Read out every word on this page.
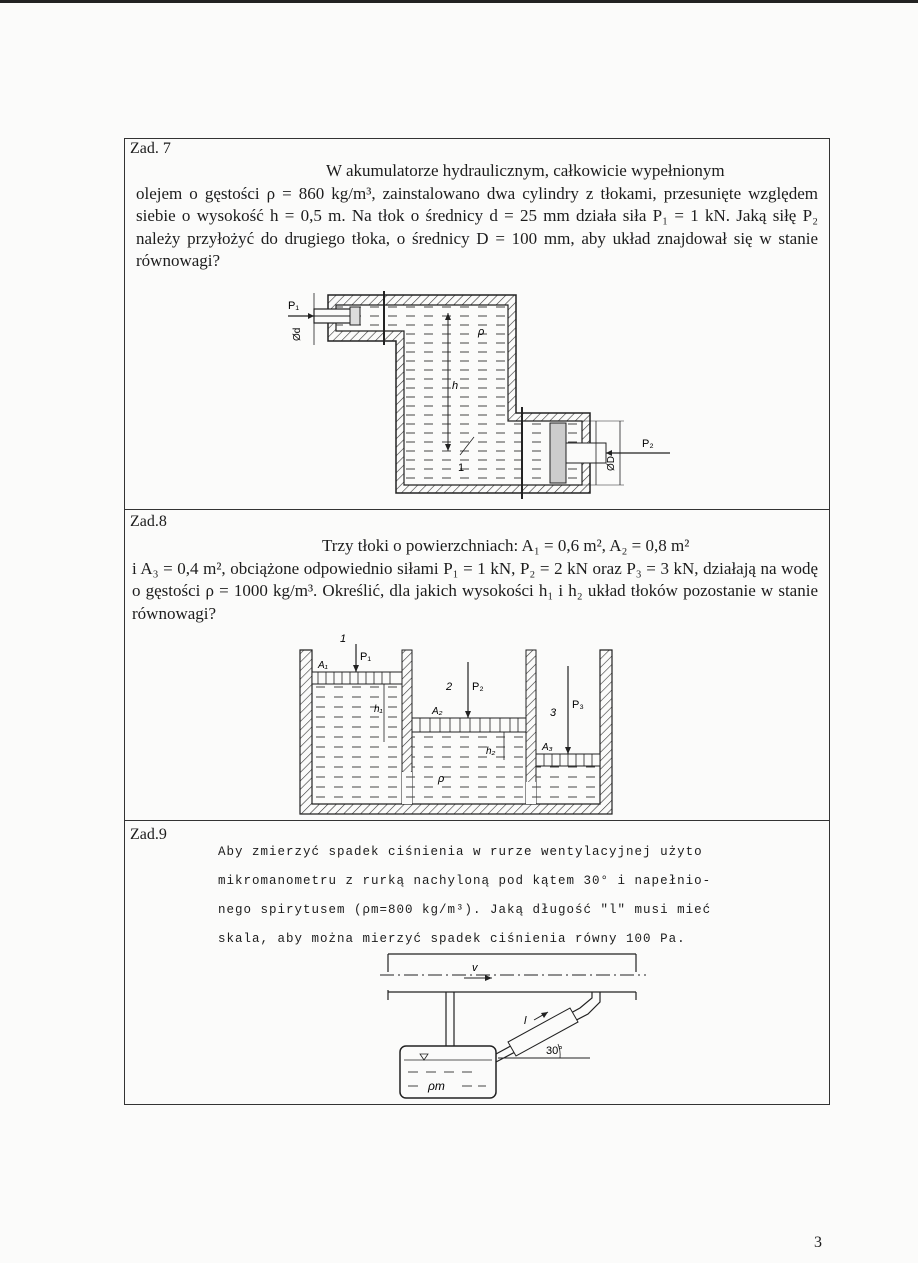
Zad. 7

W akumulatorze hydraulicznym, całkowicie wypełnionym

olejem o gęstości ρ = 860 kg/m³, zainstalowano dwa cylindry z tłokami, przesunięte względem siebie o wysokość h = 0,5 m. Na tłok o średnicy d = 25 mm działa siła P₁ = 1 kN. Jaką siłę P₂ należy przyłożyć do drugiego tłoka, o średnicy D = 100 mm, aby układ znajdował się w stanie równowagi?

P₁
Ød
h
ρ
1	ØD
P₂
Zad.8

Trzy tłoki o powierzchniach: A₁ = 0,6 m², A₂ = 0,8 m²

i A₃ = 0,4 m², obciążone odpowiednio siłami P₁ = 1 kN, P₂ = 2 kN oraz P₃ = 3 kN, działają na wodę o gęstości ρ = 1000 kg/m³. Określić, dla jakich wysokości h₁ i h₂ układ tłoków pozostanie w stanie równowagi?

1
P₁
A₁
h₁
2 P₂
A₂
h₂
ρ
3
P₃
A₃
Zad.9
Aby zmierzyć spadek ciśnienia w rurze wentylacyjnej użyto
mikromanometru z rurką nachyloną pod kątem 30° i napełnio-
nego spirytusem (ρm=800 kg/m³). Jaką długość "l" musi mieć
skala, aby można mierzyć spadek ciśnienia równy 100 Pa.
v
ρm
l
30°
3
